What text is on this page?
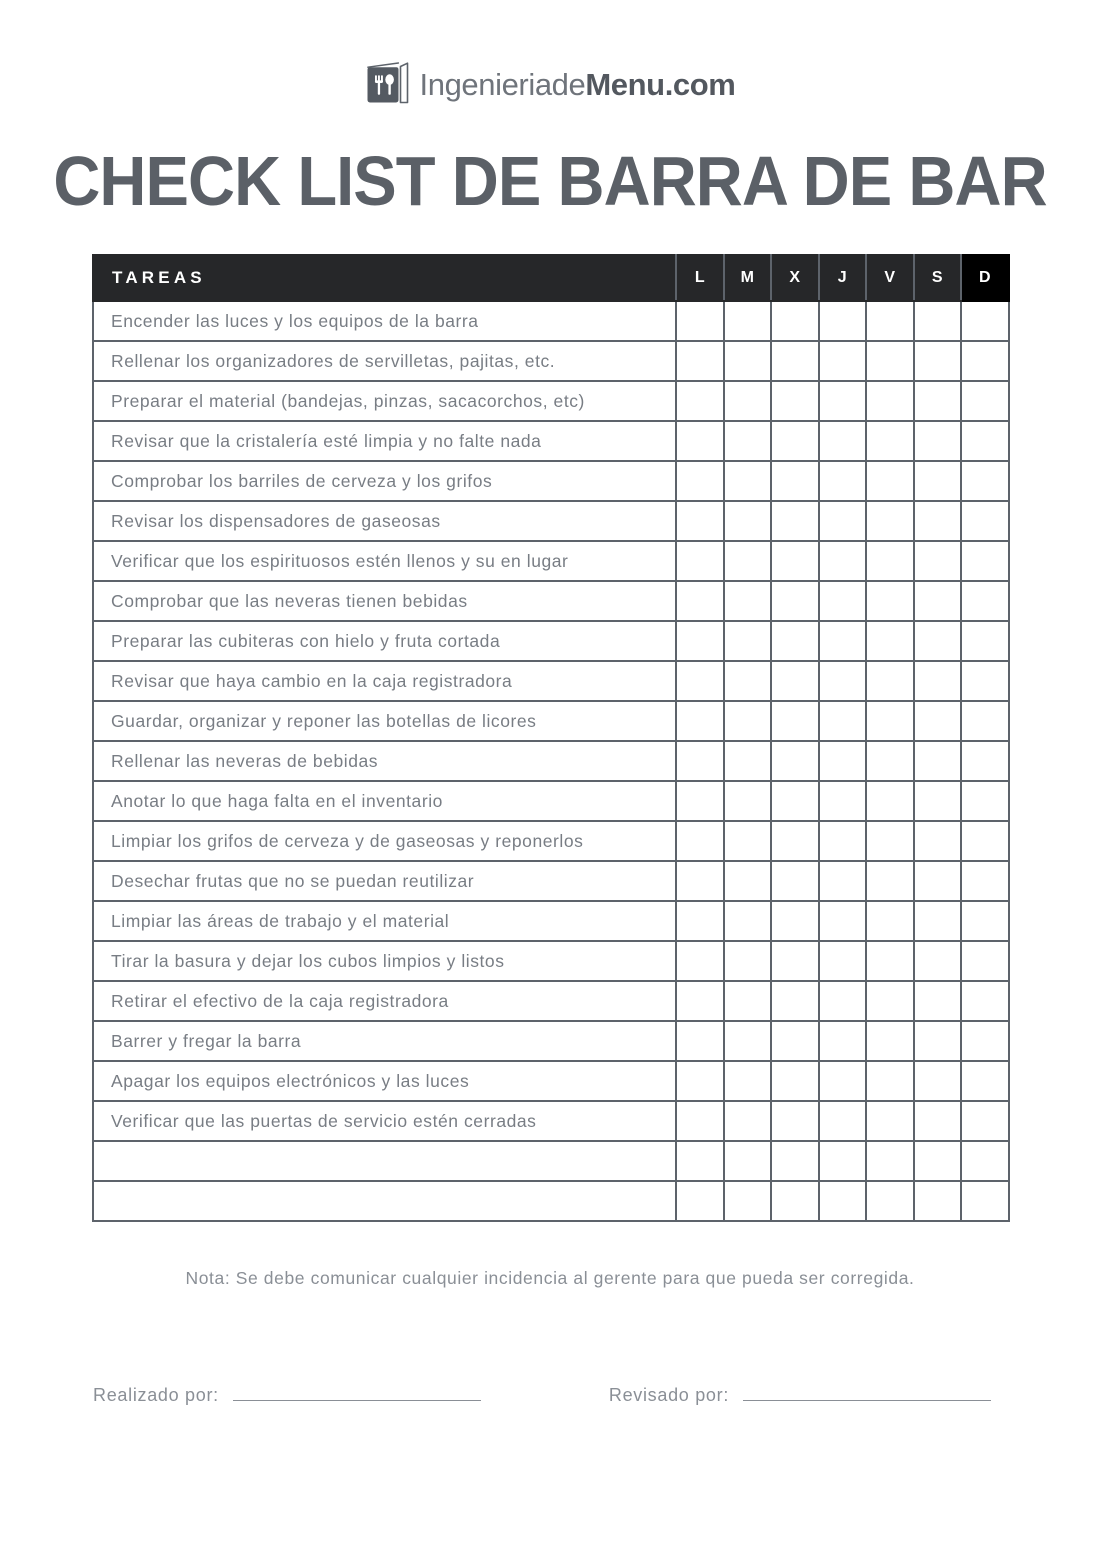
IngenieriadeMenu.com
CHECK LIST DE BARRA DE BAR
TAREAS	L	M	X	J	V	S	D
Encender las luces y los equipos de la barra							
Rellenar los organizadores de servilletas, pajitas, etc.							
Preparar el material (bandejas, pinzas, sacacorchos, etc)							
Revisar que la cristalería esté limpia y no falte nada							
Comprobar los barriles de cerveza y los grifos							
Revisar los dispensadores de gaseosas							
Verificar que los espirituosos estén llenos y su en lugar							
Comprobar que las neveras tienen bebidas							
Preparar las cubiteras con hielo y fruta cortada							
Revisar que haya cambio en la caja registradora							
Guardar, organizar y reponer las botellas de licores							
Rellenar las neveras de bebidas							
Anotar lo que haga falta en el inventario							
Limpiar los grifos de cerveza y de gaseosas y reponerlos							
Desechar frutas que no se puedan reutilizar							
Limpiar las áreas de trabajo y el material							
Tirar la basura y dejar los cubos limpios y listos							
Retirar el efectivo de la caja registradora							
Barrer y fregar la barra							
Apagar los equipos electrónicos y las luces							
Verificar que las puertas de servicio estén cerradas							

Nota: Se debe comunicar cualquier incidencia al gerente para que pueda ser corregida.

Realizado por:	Revisado por:
